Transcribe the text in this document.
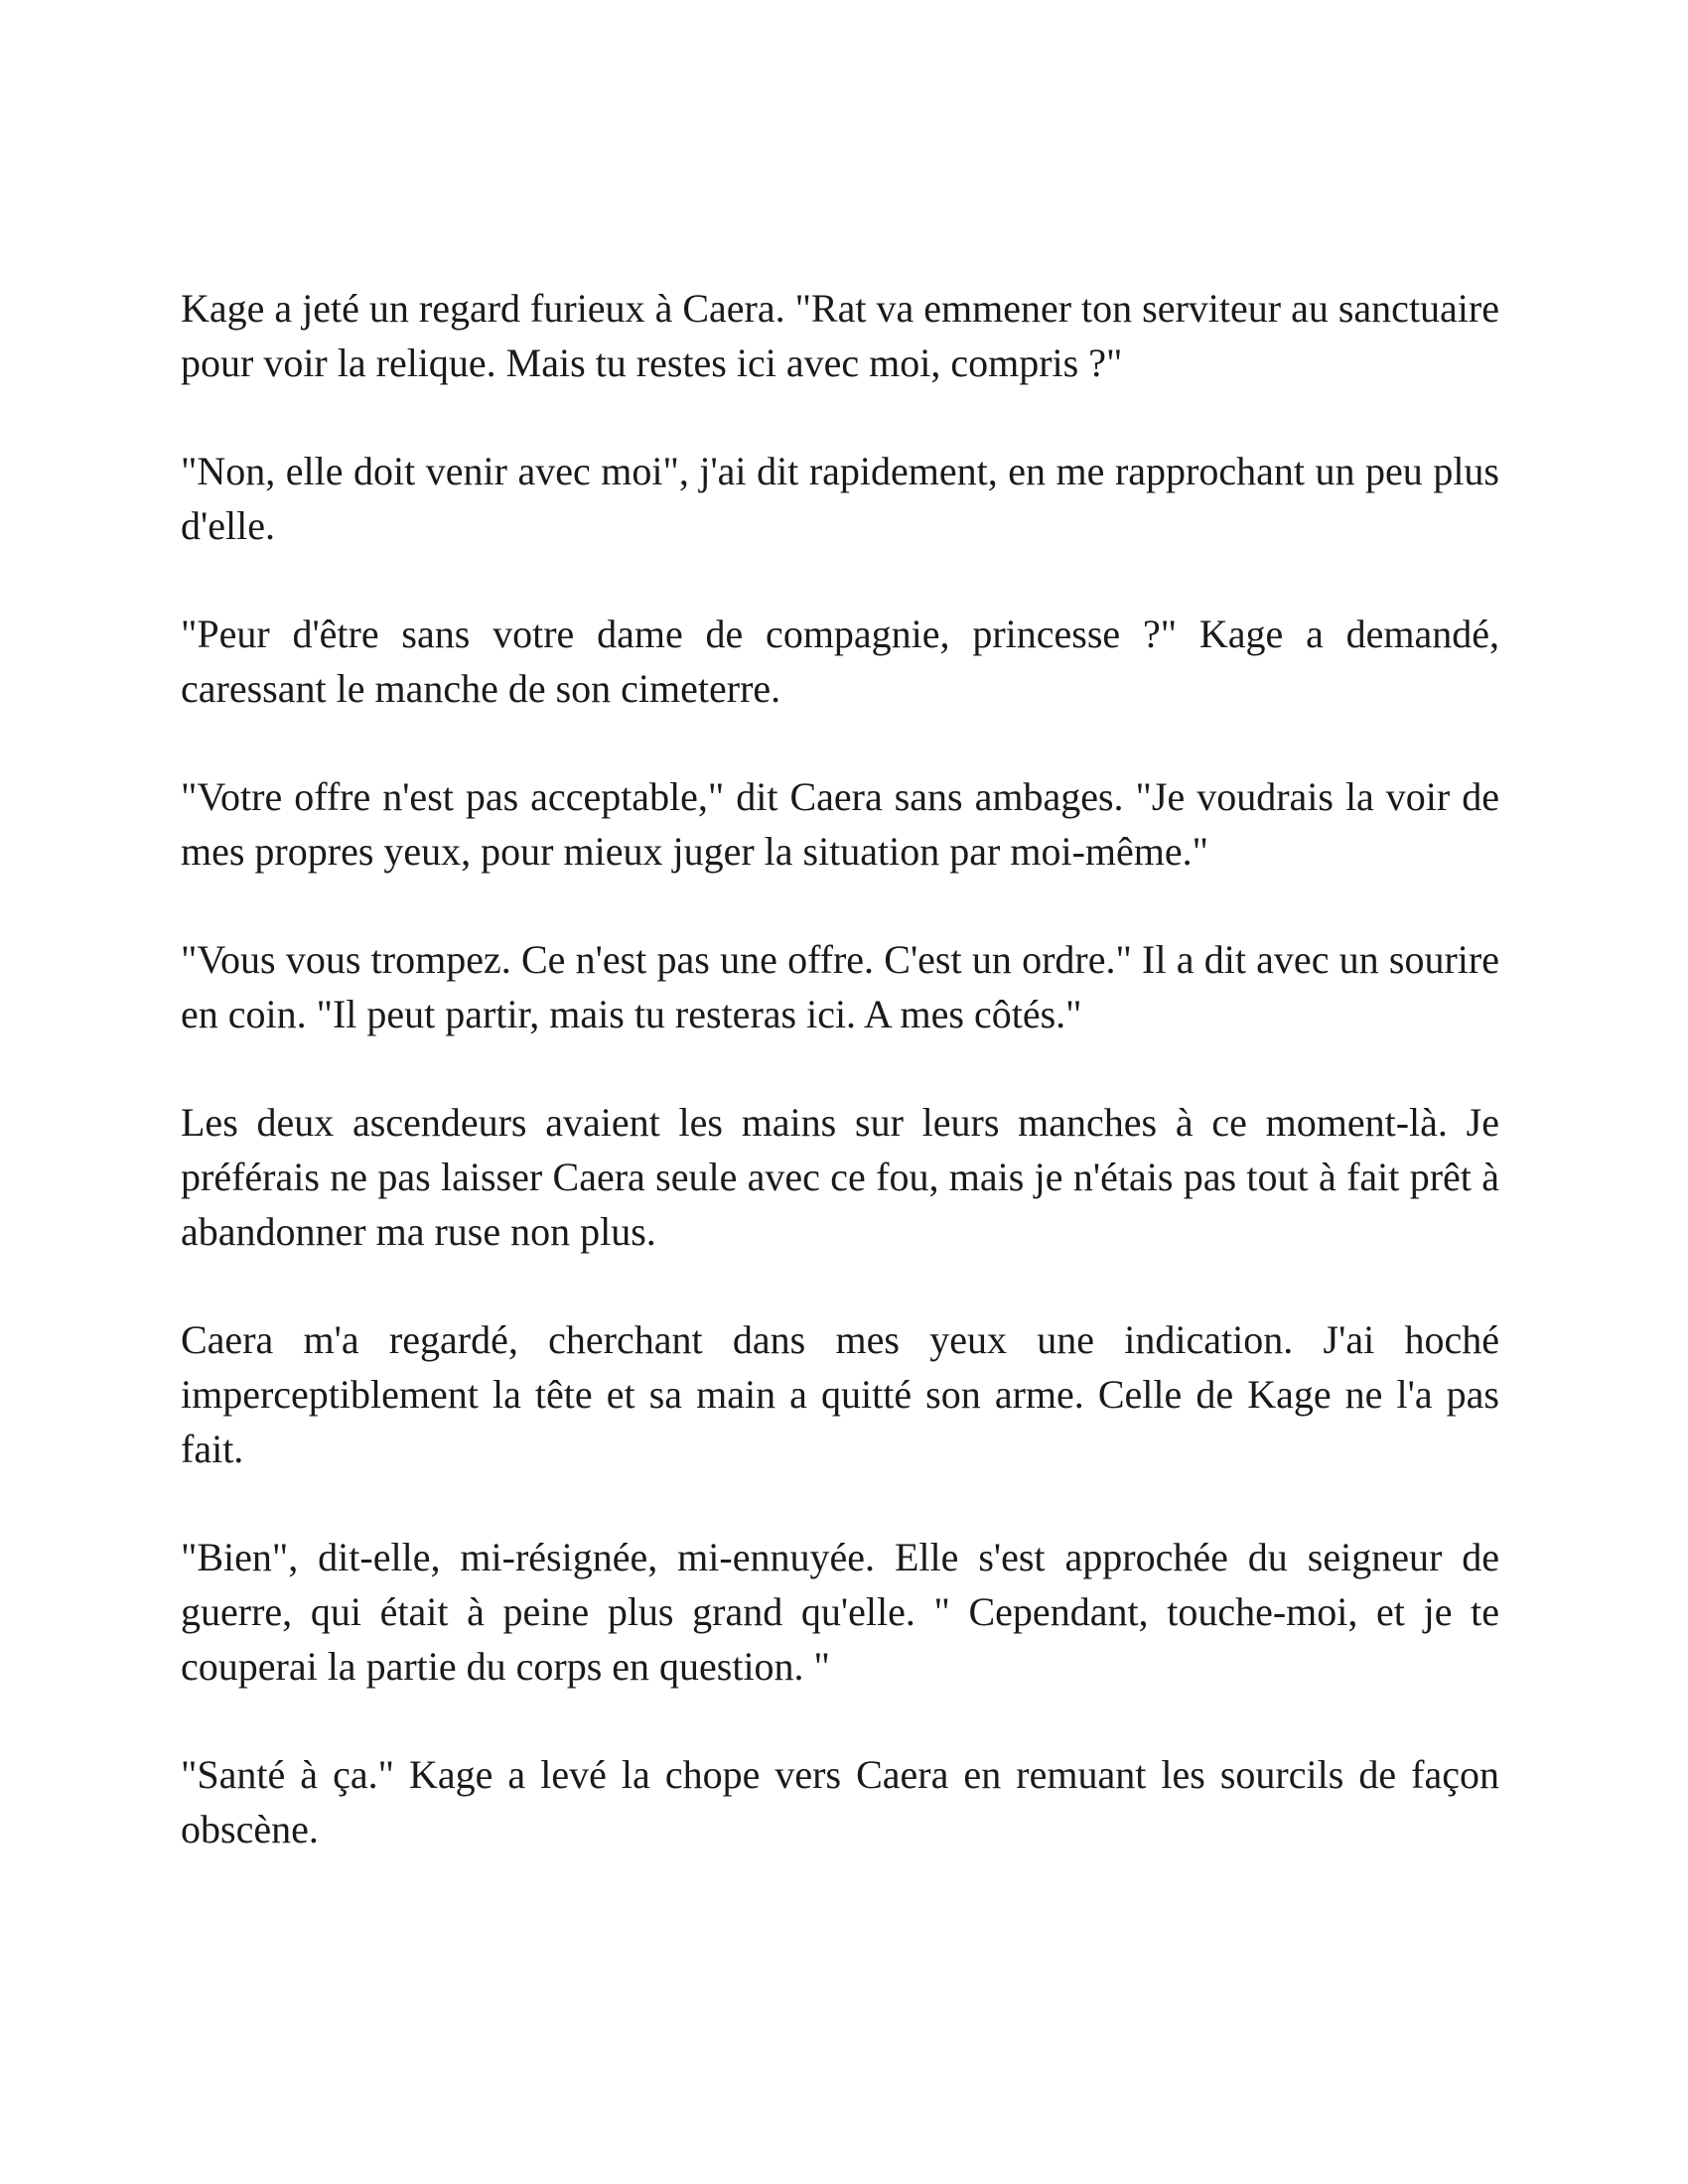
Kage a jeté un regard furieux à Caera. "Rat va emmener ton serviteur au sanctuaire pour voir la relique. Mais tu restes ici avec moi, compris ?"

"Non, elle doit venir avec moi", j'ai dit rapidement, en me rapprochant un peu plus d'elle.

"Peur d'être sans votre dame de compagnie, princesse ?" Kage a demandé, caressant le manche de son cimeterre.

"Votre offre n'est pas acceptable," dit Caera sans ambages. "Je voudrais la voir de mes propres yeux, pour mieux juger la situation par moi-même."

"Vous vous trompez. Ce n'est pas une offre. C'est un ordre." Il a dit avec un sourire en coin. "Il peut partir, mais tu resteras ici. A mes côtés."

Les deux ascendeurs avaient les mains sur leurs manches à ce moment-là. Je préférais ne pas laisser Caera seule avec ce fou, mais je n'étais pas tout à fait prêt à abandonner ma ruse non plus.

Caera m'a regardé, cherchant dans mes yeux une indication. J'ai hoché imperceptiblement la tête et sa main a quitté son arme. Celle de Kage ne l'a pas fait.

"Bien", dit-elle, mi-résignée, mi-ennuyée. Elle s'est approchée du seigneur de guerre, qui était à peine plus grand qu'elle. " Cependant, touche-moi, et je te couperai la partie du corps en question. "

"Santé à ça." Kage a levé la chope vers Caera en remuant les sourcils de façon obscène.
